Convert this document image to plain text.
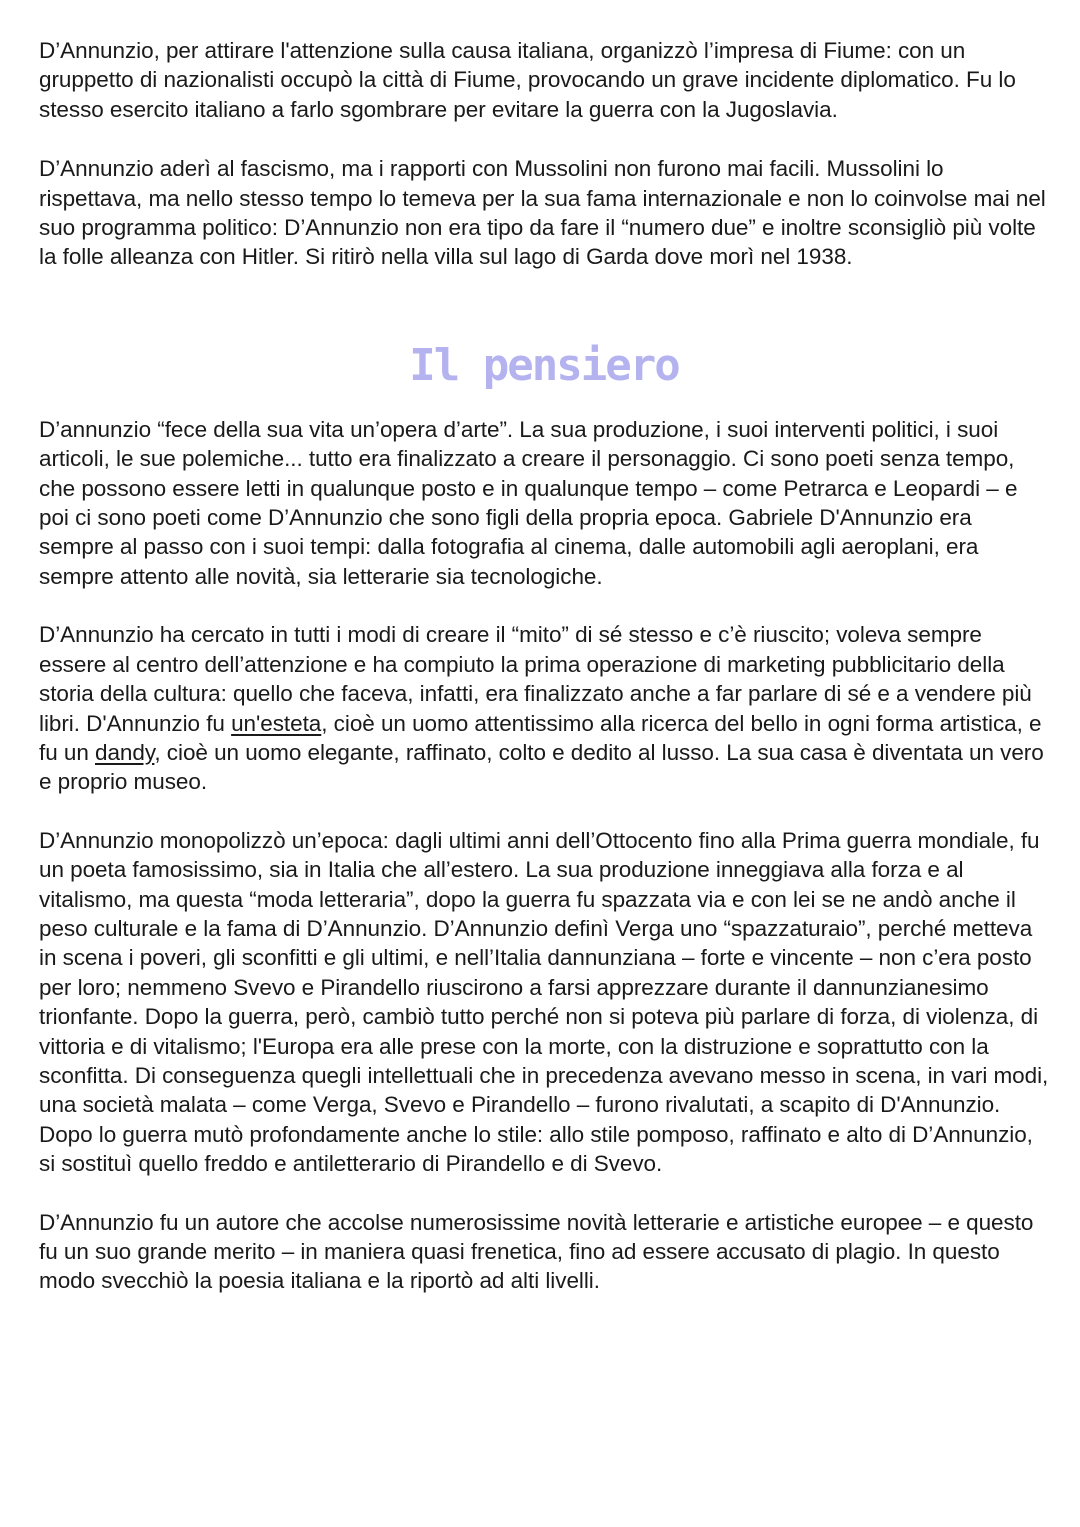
D’Annunzio, per attirare l'attenzione sulla causa italiana, organizzò l’impresa di Fiume: con un gruppetto di nazionalisti occupò la città di Fiume, provocando un grave incidente diplomatico. Fu lo stesso esercito italiano a farlo sgombrare per evitare la guerra con la Jugoslavia.

D’Annunzio aderì al fascismo, ma i rapporti con Mussolini non furono mai facili. Mussolini lo rispettava, ma nello stesso tempo lo temeva per la sua fama internazionale e non lo coinvolse mai nel suo programma politico: D’Annunzio non era tipo da fare il “numero due” e inoltre sconsigliò più volte la folle alleanza con Hitler. Si ritirò nella villa sul lago di Garda dove morì nel 1938.

Il pensiero

D’annunzio “fece della sua vita un’opera d’arte”. La sua produzione, i suoi interventi politici, i suoi articoli, le sue polemiche... tutto era finalizzato a creare il personaggio. Ci sono poeti senza tempo, che possono essere letti in qualunque posto e in qualunque tempo – come Petrarca e Leopardi – e poi ci sono poeti come D’Annunzio che sono figli della propria epoca. Gabriele D'Annunzio era sempre al passo con i suoi tempi: dalla fotografia al cinema, dalle automobili agli aeroplani, era sempre attento alle novità, sia letterarie sia tecnologiche.

D’Annunzio ha cercato in tutti i modi di creare il “mito” di sé stesso e c’è riuscito; voleva sempre essere al centro dell’attenzione e ha compiuto la prima operazione di marketing pubblicitario della storia della cultura: quello che faceva, infatti, era finalizzato anche a far parlare di sé e a vendere più libri. D'Annunzio fu un'esteta, cioè un uomo attentissimo alla ricerca del bello in ogni forma artistica, e fu un dandy, cioè un uomo elegante, raffinato, colto e dedito al lusso. La sua casa è diventata un vero e proprio museo.

D’Annunzio monopolizzò un’epoca: dagli ultimi anni dell’Ottocento fino alla Prima guerra mondiale, fu un poeta famosissimo, sia in Italia che all’estero. La sua produzione inneggiava alla forza e al vitalismo, ma questa “moda letteraria”, dopo la guerra fu spazzata via e con lei se ne andò anche il peso culturale e la fama di D’Annunzio. D’Annunzio definì Verga uno “spazzaturaio”, perché metteva in scena i poveri, gli sconfitti e gli ultimi, e nell’Italia dannunziana – forte e vincente – non c’era posto per loro; nemmeno Svevo e Pirandello riuscirono a farsi apprezzare durante il dannunzianesimo trionfante. Dopo la guerra, però, cambiò tutto perché non si poteva più parlare di forza, di violenza, di vittoria e di vitalismo; l'Europa era alle prese con la morte, con la distruzione e soprattutto con la sconfitta. Di conseguenza quegli intellettuali che in precedenza avevano messo in scena, in vari modi, una società malata – come Verga, Svevo e Pirandello – furono rivalutati, a scapito di D'Annunzio. Dopo lo guerra mutò profondamente anche lo stile: allo stile pomposo, raffinato e alto di D’Annunzio, si sostituì quello freddo e antiletterario di Pirandello e di Svevo.

D’Annunzio fu un autore che accolse numerosissime novità letterarie e artistiche europee – e questo fu un suo grande merito – in maniera quasi frenetica, fino ad essere accusato di plagio. In questo modo svecchiò la poesia italiana e la riportò ad alti livelli.
